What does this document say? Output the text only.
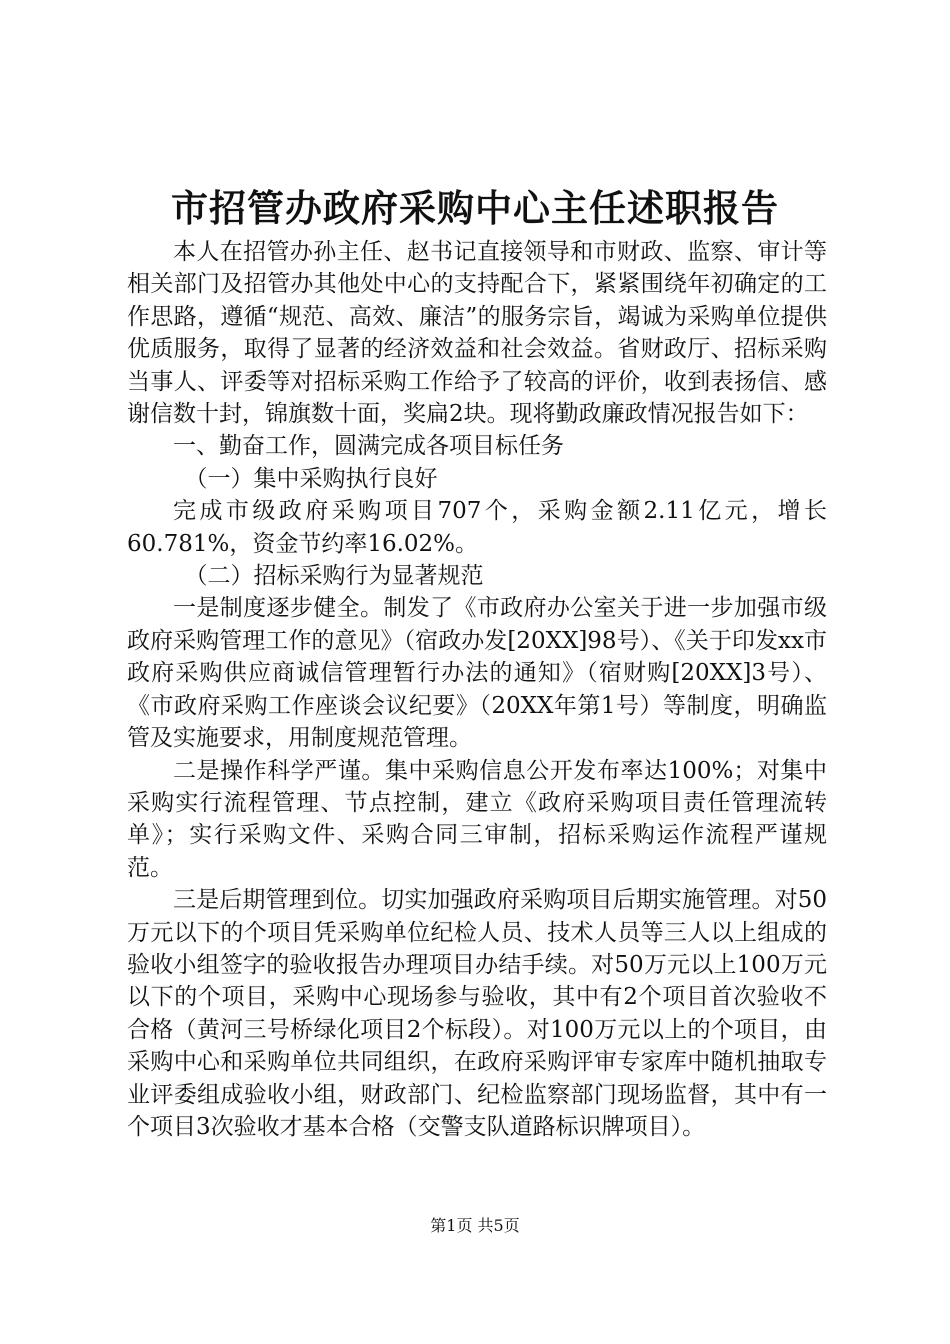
市招管办政府采购中心主任述职报告

本人在招管办孙主任、赵书记直接领导和市财政、监察、审计等相关部门及招管办其他处中心的支持配合下，紧紧围绕年初确定的工作思路，遵循“规范、高效、廉洁”的服务宗旨，竭诚为采购单位提供优质服务，取得了显著的经济效益和社会效益。省财政厅、招标采购当事人、评委等对招标采购工作给予了较高的评价，收到表扬信、感谢信数十封，锦旗数十面，奖扁2块。现将勤政廉政情况报告如下：

一、勤奋工作，圆满完成各项目标任务

（一）集中采购执行良好

完成市级政府采购项目707个，采购金额2.11亿元，增长60.781%，资金节约率16.02%。

（二）招标采购行为显著规范

一是制度逐步健全。制发了《市政府办公室关于进一步加强市级政府采购管理工作的意见》（宿政办发[20XX]98号）、《关于印发xx市政府采购供应商诚信管理暂行办法的通知》（宿财购[20XX]3号）、《市政府采购工作座谈会议纪要》（20XX年第1号）等制度，明确监管及实施要求，用制度规范管理。

二是操作科学严谨。集中采购信息公开发布率达100%；对集中采购实行流程管理、节点控制，建立《政府采购项目责任管理流转单》；实行采购文件、采购合同三审制，招标采购运作流程严谨规范。

三是后期管理到位。切实加强政府采购项目后期实施管理。对50万元以下的个项目凭采购单位纪检人员、技术人员等三人以上组成的验收小组签字的验收报告办理项目办结手续。对50万元以上100万元以下的个项目，采购中心现场参与验收，其中有2个项目首次验收不合格（黄河三号桥绿化项目2个标段）。对100万元以上的个项目，由采购中心和采购单位共同组织，在政府采购评审专家库中随机抽取专业评委组成验收小组，财政部门、纪检监察部门现场监督，其中有一个项目3次验收才基本合格（交警支队道路标识牌项目）。

第1页 共5页
